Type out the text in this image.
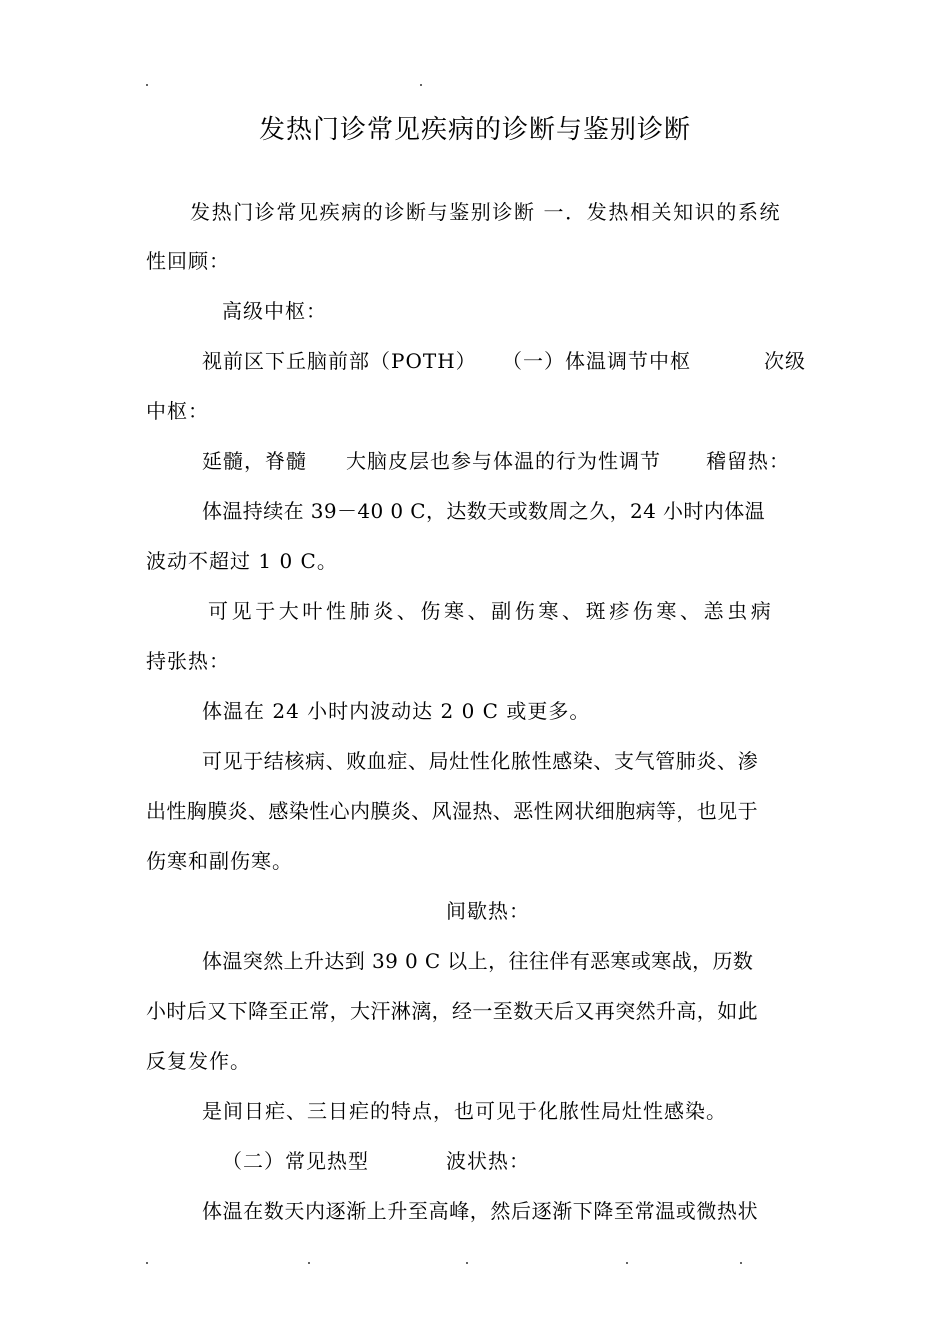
发热门诊常见疾病的诊断与鉴别诊断
发热门诊常见疾病的诊断与鉴别诊断 一．发热相关知识的系统
性回顾：
高级中枢：
视前区下丘脑前部（POTH） （一）体温调节中枢	次级
中枢：
延髓，脊髓 大脑皮层也参与体温的行为性调节 稽留热：
体温持续在 39－40 0 C，达数天或数周之久，24 小时内体温
波动不超过 1 0 C。
可见于大叶性肺炎、伤寒、副伤寒、斑疹伤寒、恙虫病
持张热：
体温在 24 小时内波动达 2 0 C 或更多。
可见于结核病、败血症、局灶性化脓性感染、支气管肺炎、渗
出性胸膜炎、感染性心内膜炎、风湿热、恶性网状细胞病等，也见于
伤寒和副伤寒。
间歇热：
体温突然上升达到 39 0 C 以上，往往伴有恶寒或寒战，历数
小时后又下降至正常，大汗淋漓，经一至数天后又再突然升高，如此
反复发作。
是间日疟、三日疟的特点，也可见于化脓性局灶性感染。
（二）常见热型	波状热：
体温在数天内逐渐上升至高峰，然后逐渐下降至常温或微热状
